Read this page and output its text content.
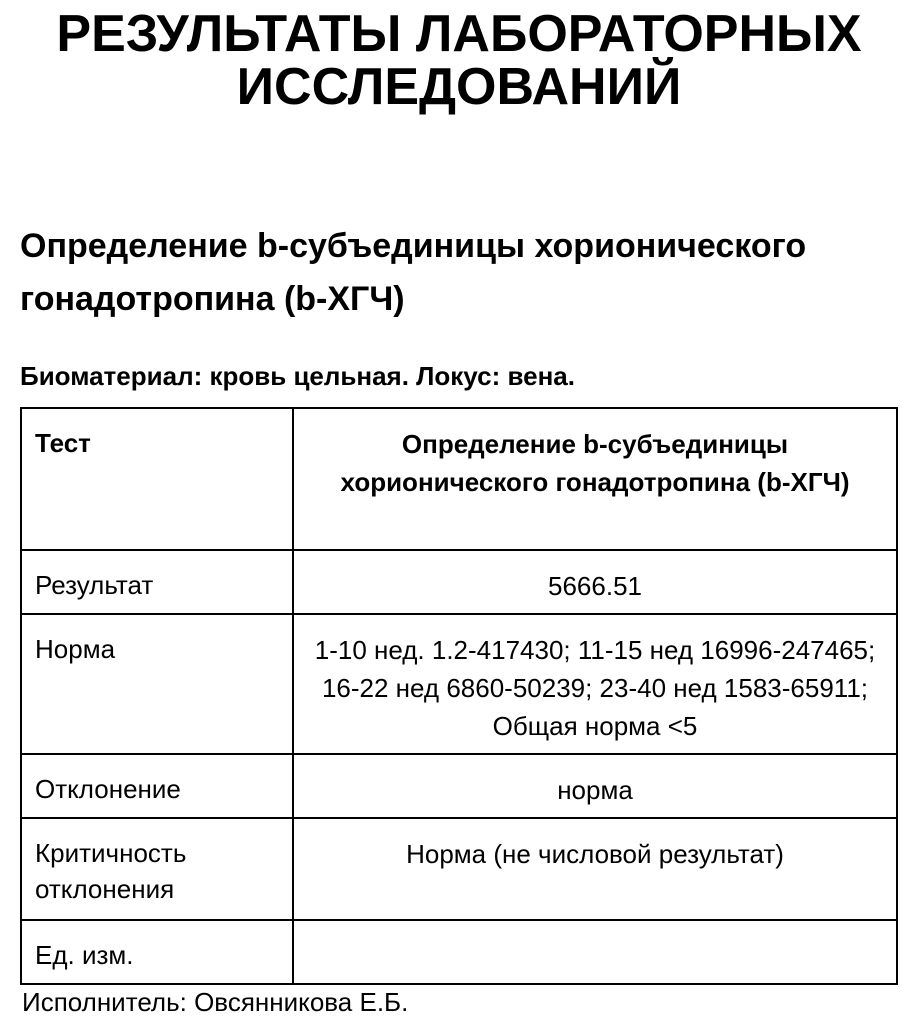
РЕЗУЛЬТАТЫ ЛАБОРАТОРНЫХ ИССЛЕДОВАНИЙ
Определение b-субъединицы хорионического гонадотропина (b-ХГЧ)

Биоматериал: кровь цельная. Локус: вена.

Тест	Определение b-субъединицы хорионического гонадотропина (b-ХГЧ)
Результат	5666.51
Норма	1-10 нед. 1.2-417430; 11-15 нед 16996-247465; 16-22 нед 6860-50239; 23-40 нед 1583-65911; Общая норма <5
Отклонение	норма
Критичность отклонения	Норма (не числовой результат)
Ед. изм.	

Исполнитель: Овсянникова Е.Б.
